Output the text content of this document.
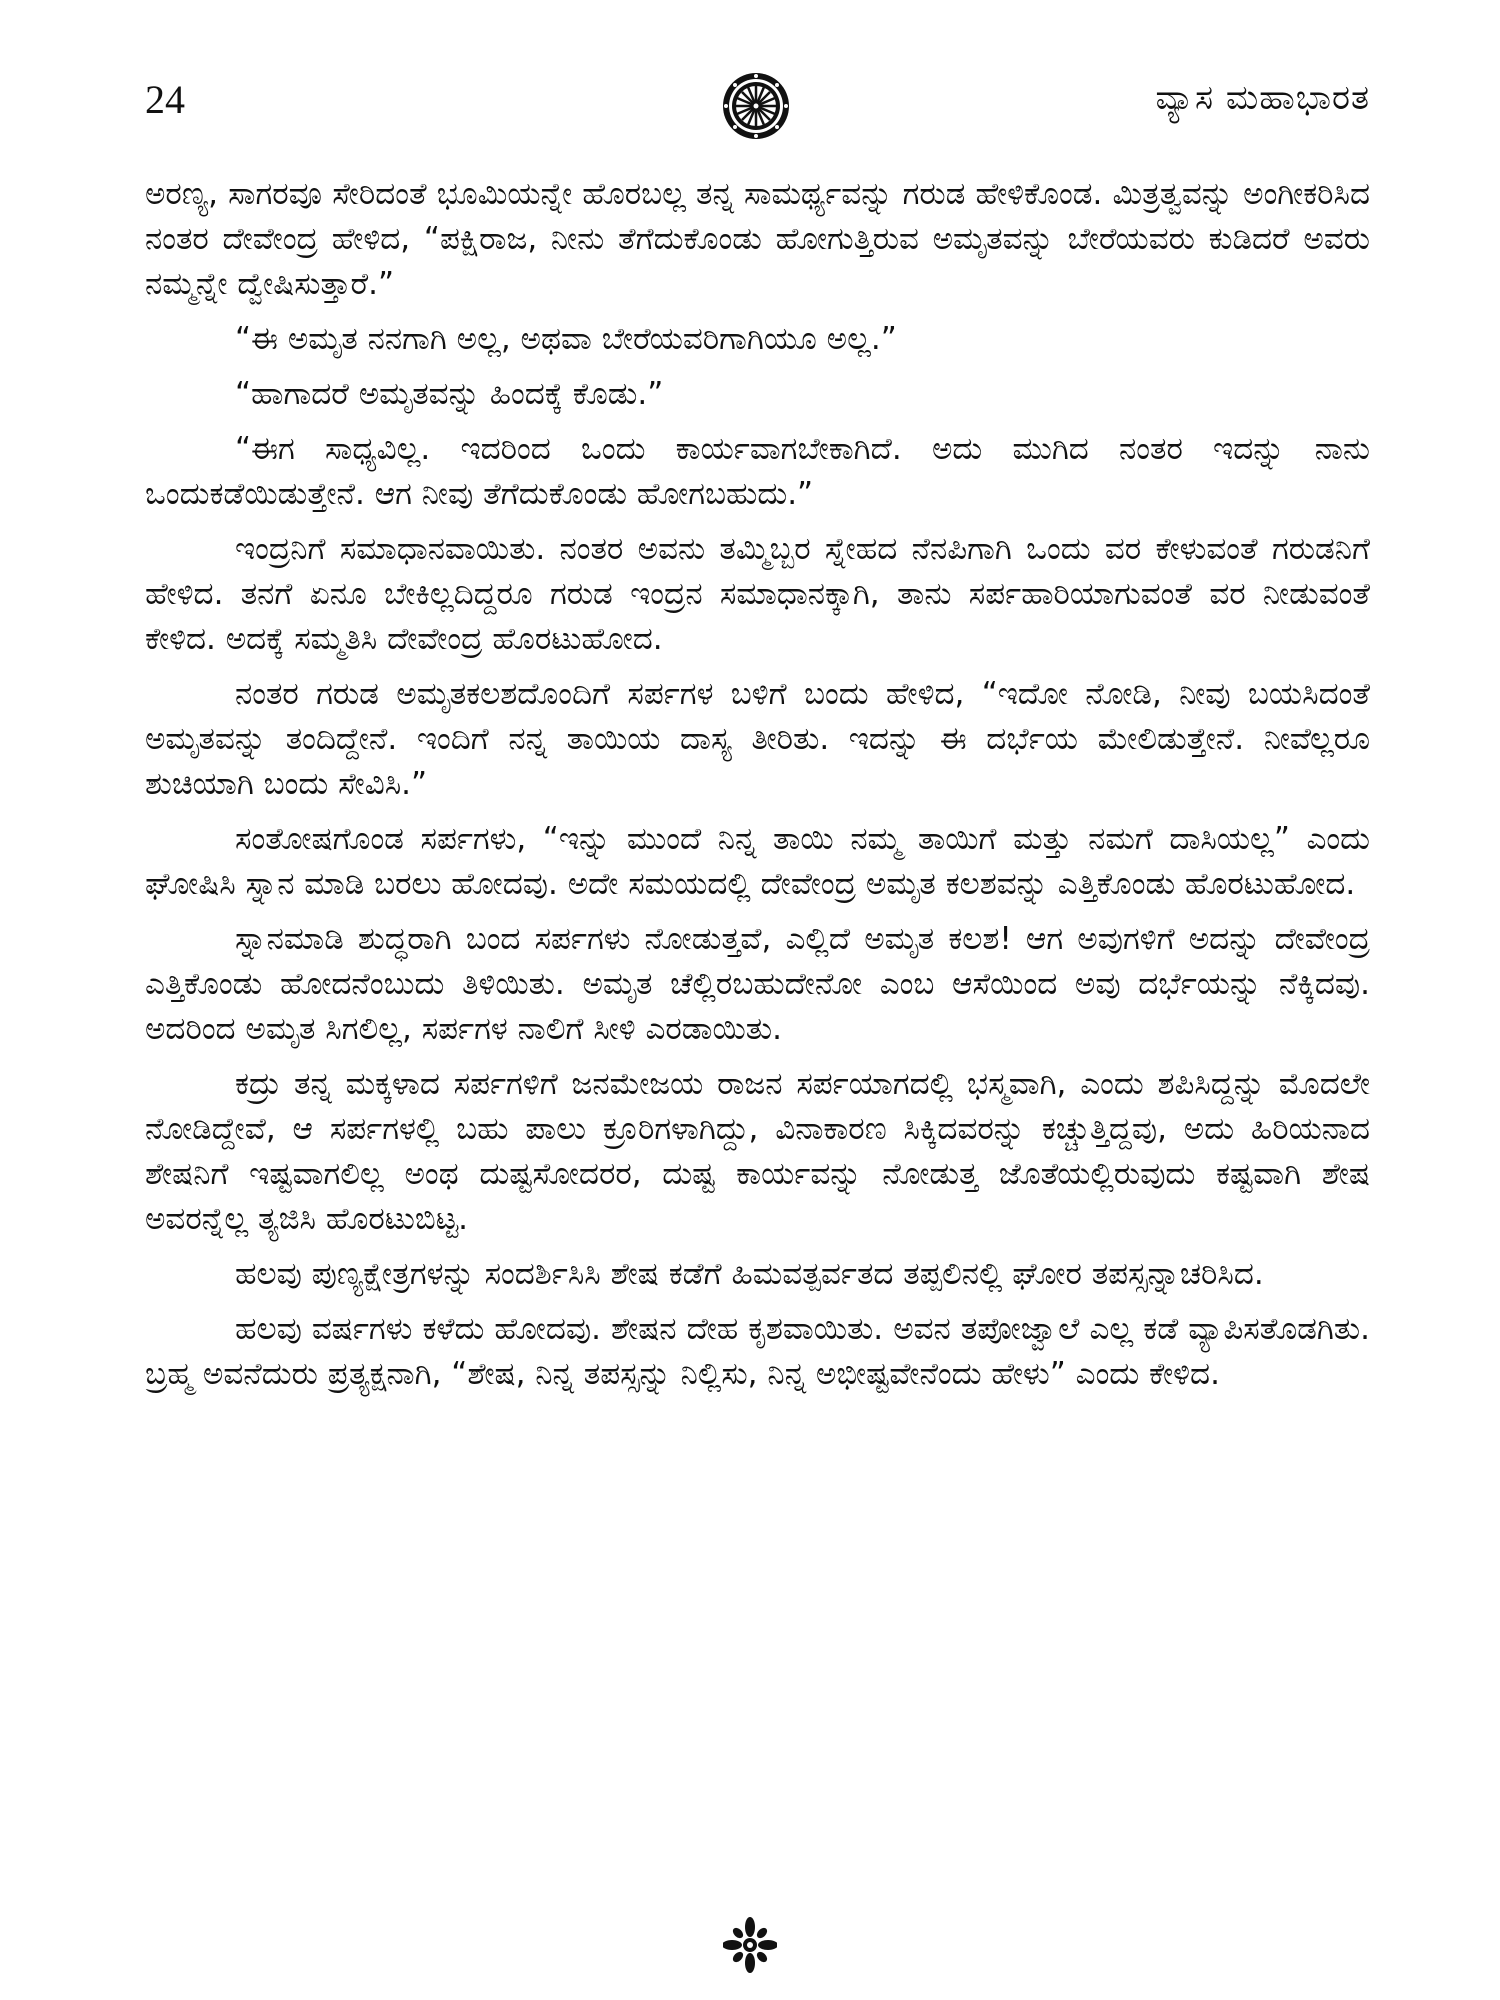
24	ವ್ಯಾಸ ಮಹಾಭಾರತ

ಅರಣ್ಯ, ಸಾಗರವೂ ಸೇರಿದಂತೆ ಭೂಮಿಯನ್ನೇ ಹೊರಬಲ್ಲ ತನ್ನ ಸಾಮರ್ಥ್ಯವನ್ನು ಗರುಡ ಹೇಳಿಕೊಂಡ. ಮಿತ್ರತ್ವವನ್ನು ಅಂಗೀಕರಿಸಿದ ನಂತರ ದೇವೇಂದ್ರ ಹೇಳಿದ, “ಪಕ್ಷಿರಾಜ, ನೀನು ತೆಗೆದುಕೊಂಡು ಹೋಗುತ್ತಿರುವ ಅಮೃತವನ್ನು ಬೇರೆಯವರು ಕುಡಿದರೆ ಅವರು ನಮ್ಮನ್ನೇ ದ್ವೇಷಿಸುತ್ತಾರೆ.”

“ಈ ಅಮೃತ ನನಗಾಗಿ ಅಲ್ಲ, ಅಥವಾ ಬೇರೆಯವರಿಗಾಗಿಯೂ ಅಲ್ಲ.”

“ಹಾಗಾದರೆ ಅಮೃತವನ್ನು ಹಿಂದಕ್ಕೆ ಕೊಡು.”

“ಈಗ ಸಾಧ್ಯವಿಲ್ಲ. ಇದರಿಂದ ಒಂದು ಕಾರ್ಯವಾಗಬೇಕಾಗಿದೆ. ಅದು ಮುಗಿದ ನಂತರ ಇದನ್ನು ನಾನು ಒಂದುಕಡೆಯಿಡುತ್ತೇನೆ. ಆಗ ನೀವು ತೆಗೆದುಕೊಂಡು ಹೋಗಬಹುದು.”

ಇಂದ್ರನಿಗೆ ಸಮಾಧಾನವಾಯಿತು. ನಂತರ ಅವನು ತಮ್ಮಿಬ್ಬರ ಸ್ನೇಹದ ನೆನಪಿಗಾಗಿ ಒಂದು ವರ ಕೇಳುವಂತೆ ಗರುಡನಿಗೆ ಹೇಳಿದ. ತನಗೆ ಏನೂ ಬೇಕಿಲ್ಲದಿದ್ದರೂ ಗರುಡ ಇಂದ್ರನ ಸಮಾಧಾನಕ್ಕಾಗಿ, ತಾನು ಸರ್ಪಹಾರಿಯಾಗುವಂತೆ ವರ ನೀಡುವಂತೆ ಕೇಳಿದ. ಅದಕ್ಕೆ ಸಮ್ಮತಿಸಿ ದೇವೇಂದ್ರ ಹೊರಟುಹೋದ.

ನಂತರ ಗರುಡ ಅಮೃತಕಲಶದೊಂದಿಗೆ ಸರ್ಪಗಳ ಬಳಿಗೆ ಬಂದು ಹೇಳಿದ, “ಇದೋ ನೋಡಿ, ನೀವು ಬಯಸಿದಂತೆ ಅಮೃತವನ್ನು ತಂದಿದ್ದೇನೆ. ಇಂದಿಗೆ ನನ್ನ ತಾಯಿಯ ದಾಸ್ಯ ತೀರಿತು. ಇದನ್ನು ಈ ದರ್ಭೆಯ ಮೇಲಿಡುತ್ತೇನೆ. ನೀವೆಲ್ಲರೂ ಶುಚಿಯಾಗಿ ಬಂದು ಸೇವಿಸಿ.”

ಸಂತೋಷಗೊಂಡ ಸರ್ಪಗಳು, “ಇನ್ನು ಮುಂದೆ ನಿನ್ನ ತಾಯಿ ನಮ್ಮ ತಾಯಿಗೆ ಮತ್ತು ನಮಗೆ ದಾಸಿಯಲ್ಲ” ಎಂದು ಘೋಷಿಸಿ ಸ್ನಾನ ಮಾಡಿ ಬರಲು ಹೋದವು. ಅದೇ ಸಮಯದಲ್ಲಿ ದೇವೇಂದ್ರ ಅಮೃತ ಕಲಶವನ್ನು ಎತ್ತಿಕೊಂಡು ಹೊರಟುಹೋದ.

ಸ್ನಾನಮಾಡಿ ಶುದ್ಧರಾಗಿ ಬಂದ ಸರ್ಪಗಳು ನೋಡುತ್ತವೆ, ಎಲ್ಲಿದೆ ಅಮೃತ ಕಲಶ! ಆಗ ಅವುಗಳಿಗೆ ಅದನ್ನು ದೇವೇಂದ್ರ ಎತ್ತಿಕೊಂಡು ಹೋದನೆಂಬುದು ತಿಳಿಯಿತು. ಅಮೃತ ಚೆಲ್ಲಿರಬಹುದೇನೋ ಎಂಬ ಆಸೆಯಿಂದ ಅವು ದರ್ಭೆಯನ್ನು ನೆಕ್ಕಿದವು. ಅದರಿಂದ ಅಮೃತ ಸಿಗಲಿಲ್ಲ, ಸರ್ಪಗಳ ನಾಲಿಗೆ ಸೀಳಿ ಎರಡಾಯಿತು.

ಕದ್ರು ತನ್ನ ಮಕ್ಕಳಾದ ಸರ್ಪಗಳಿಗೆ ಜನಮೇಜಯ ರಾಜನ ಸರ್ಪಯಾಗದಲ್ಲಿ ಭಸ್ಮವಾಗಿ, ಎಂದು ಶಪಿಸಿದ್ದನ್ನು ಮೊದಲೇ ನೋಡಿದ್ದೇವೆ, ಆ ಸರ್ಪಗಳಲ್ಲಿ ಬಹು ಪಾಲು ಕ್ರೂರಿಗಳಾಗಿದ್ದು, ವಿನಾಕಾರಣ ಸಿಕ್ಕಿದವರನ್ನು ಕಚ್ಚುತ್ತಿದ್ದವು, ಅದು ಹಿರಿಯನಾದ ಶೇಷನಿಗೆ ಇಷ್ಟವಾಗಲಿಲ್ಲ ಅಂಥ ದುಷ್ಟಸೋದರರ, ದುಷ್ಟ ಕಾರ್ಯವನ್ನು ನೋಡುತ್ತ ಜೊತೆಯಲ್ಲಿರುವುದು ಕಷ್ಟವಾಗಿ ಶೇಷ ಅವರನ್ನೆಲ್ಲ ತ್ಯಜಿಸಿ ಹೊರಟುಬಿಟ್ಟ.

ಹಲವು ಪುಣ್ಯಕ್ಷೇತ್ರಗಳನ್ನು ಸಂದರ್ಶಿಸಿಸಿ ಶೇಷ ಕಡೆಗೆ ಹಿಮವತ್ಪರ್ವತದ ತಪ್ಪಲಿನಲ್ಲಿ ಘೋರ ತಪಸ್ಸನ್ನಾಚರಿಸಿದ.

ಹಲವು ವರ್ಷಗಳು ಕಳೆದು ಹೋದವು. ಶೇಷನ ದೇಹ ಕೃಶವಾಯಿತು. ಅವನ ತಪೋಜ್ವಾಲೆ ಎಲ್ಲ ಕಡೆ ವ್ಯಾಪಿಸತೊಡಗಿತು. ಬ್ರಹ್ಮ ಅವನೆದುರು ಪ್ರತ್ಯಕ್ಷನಾಗಿ, “ಶೇಷ, ನಿನ್ನ ತಪಸ್ಸನ್ನು ನಿಲ್ಲಿಸು, ನಿನ್ನ ಅಭೀಷ್ಟವೇನೆಂದು ಹೇಳು” ಎಂದು ಕೇಳಿದ.
